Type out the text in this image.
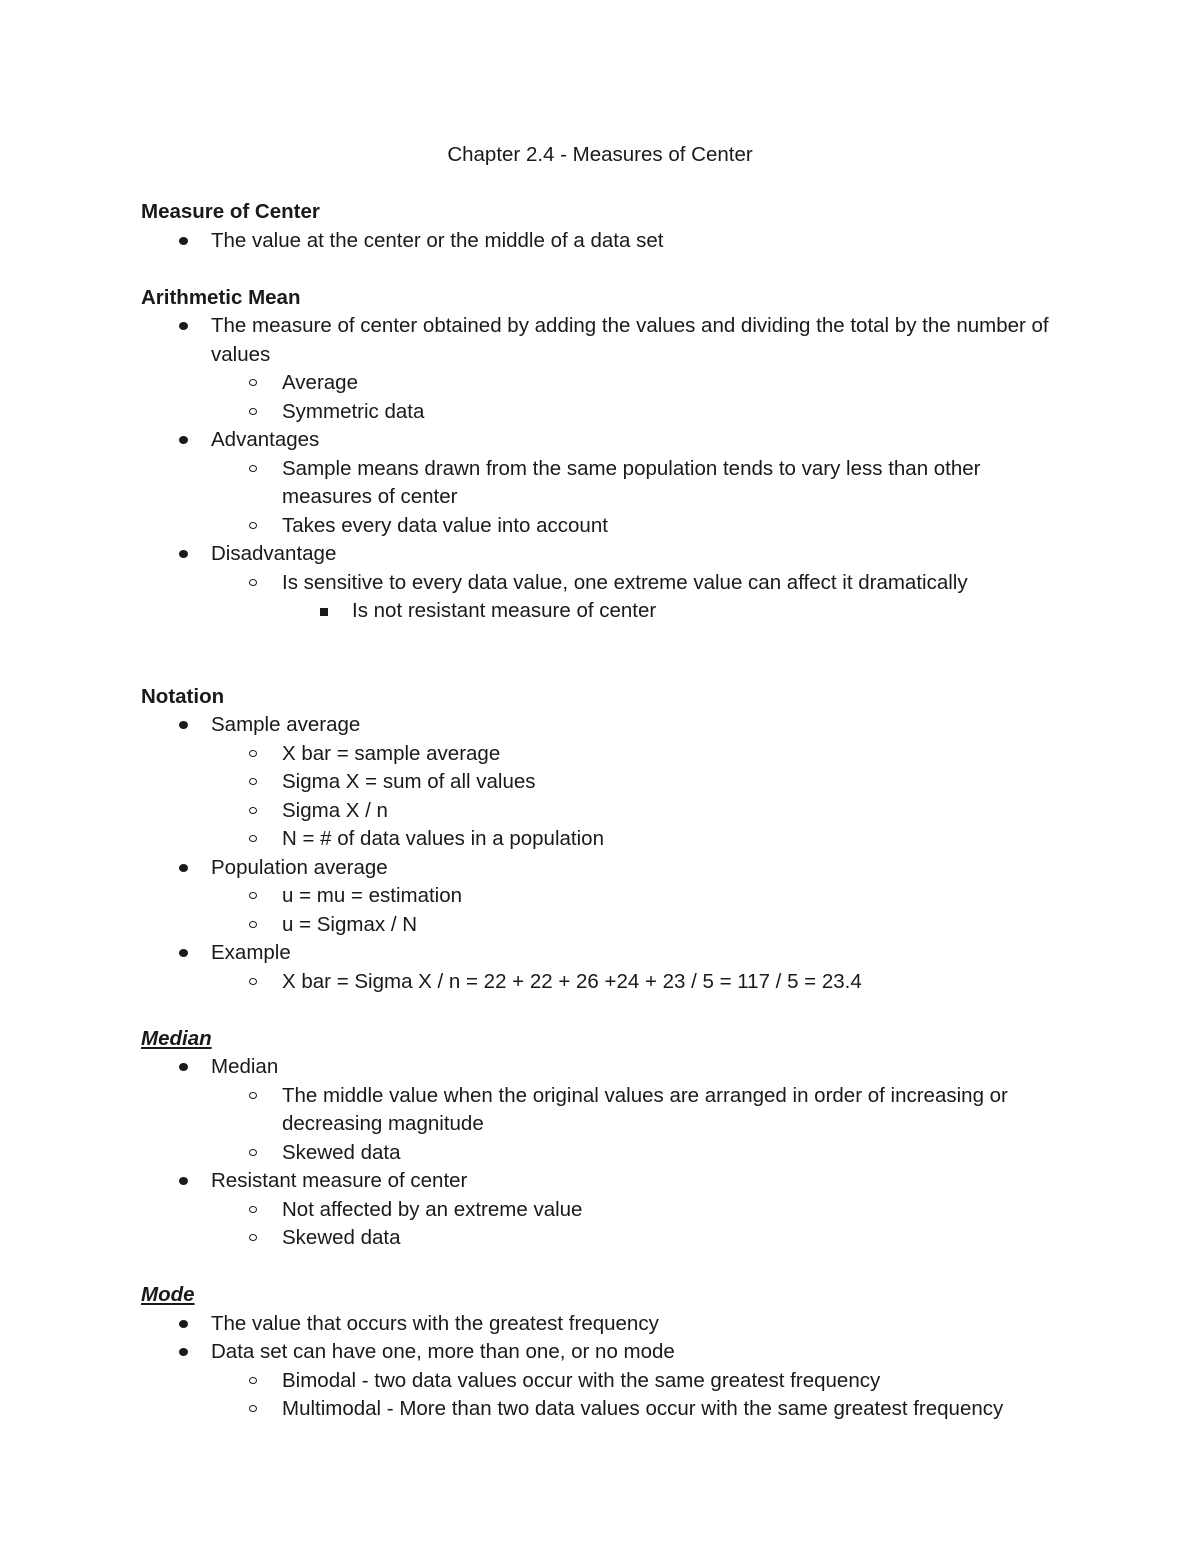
Chapter 2.4 - Measures of Center

Measure of Center

The value at the center or the middle of a data set

Arithmetic Mean

The measure of center obtained by adding the values and dividing the total by the number of values
Average
Symmetric data
Advantages
Sample means drawn from the same population tends to vary less than other measures of center
Takes every data value into account
Disadvantage
Is sensitive to every data value, one extreme value can affect it dramatically
Is not resistant measure of center

Notation

Sample average
X bar = sample average
Sigma X = sum of all values
Sigma X / n
N = # of data values in a population
Population average
u = mu = estimation
u = Sigmax / N
Example
X bar = Sigma X / n = 22 + 22 + 26 +24 + 23 / 5 = 117 / 5 = 23.4

Median

Median
The middle value when the original values are arranged in order of increasing or decreasing magnitude
Skewed data
Resistant measure of center
Not affected by an extreme value
Skewed data

Mode

The value that occurs with the greatest frequency
Data set can have one, more than one, or no mode
Bimodal - two data values occur with the same greatest frequency
Multimodal - More than two data values occur with the same greatest frequency
